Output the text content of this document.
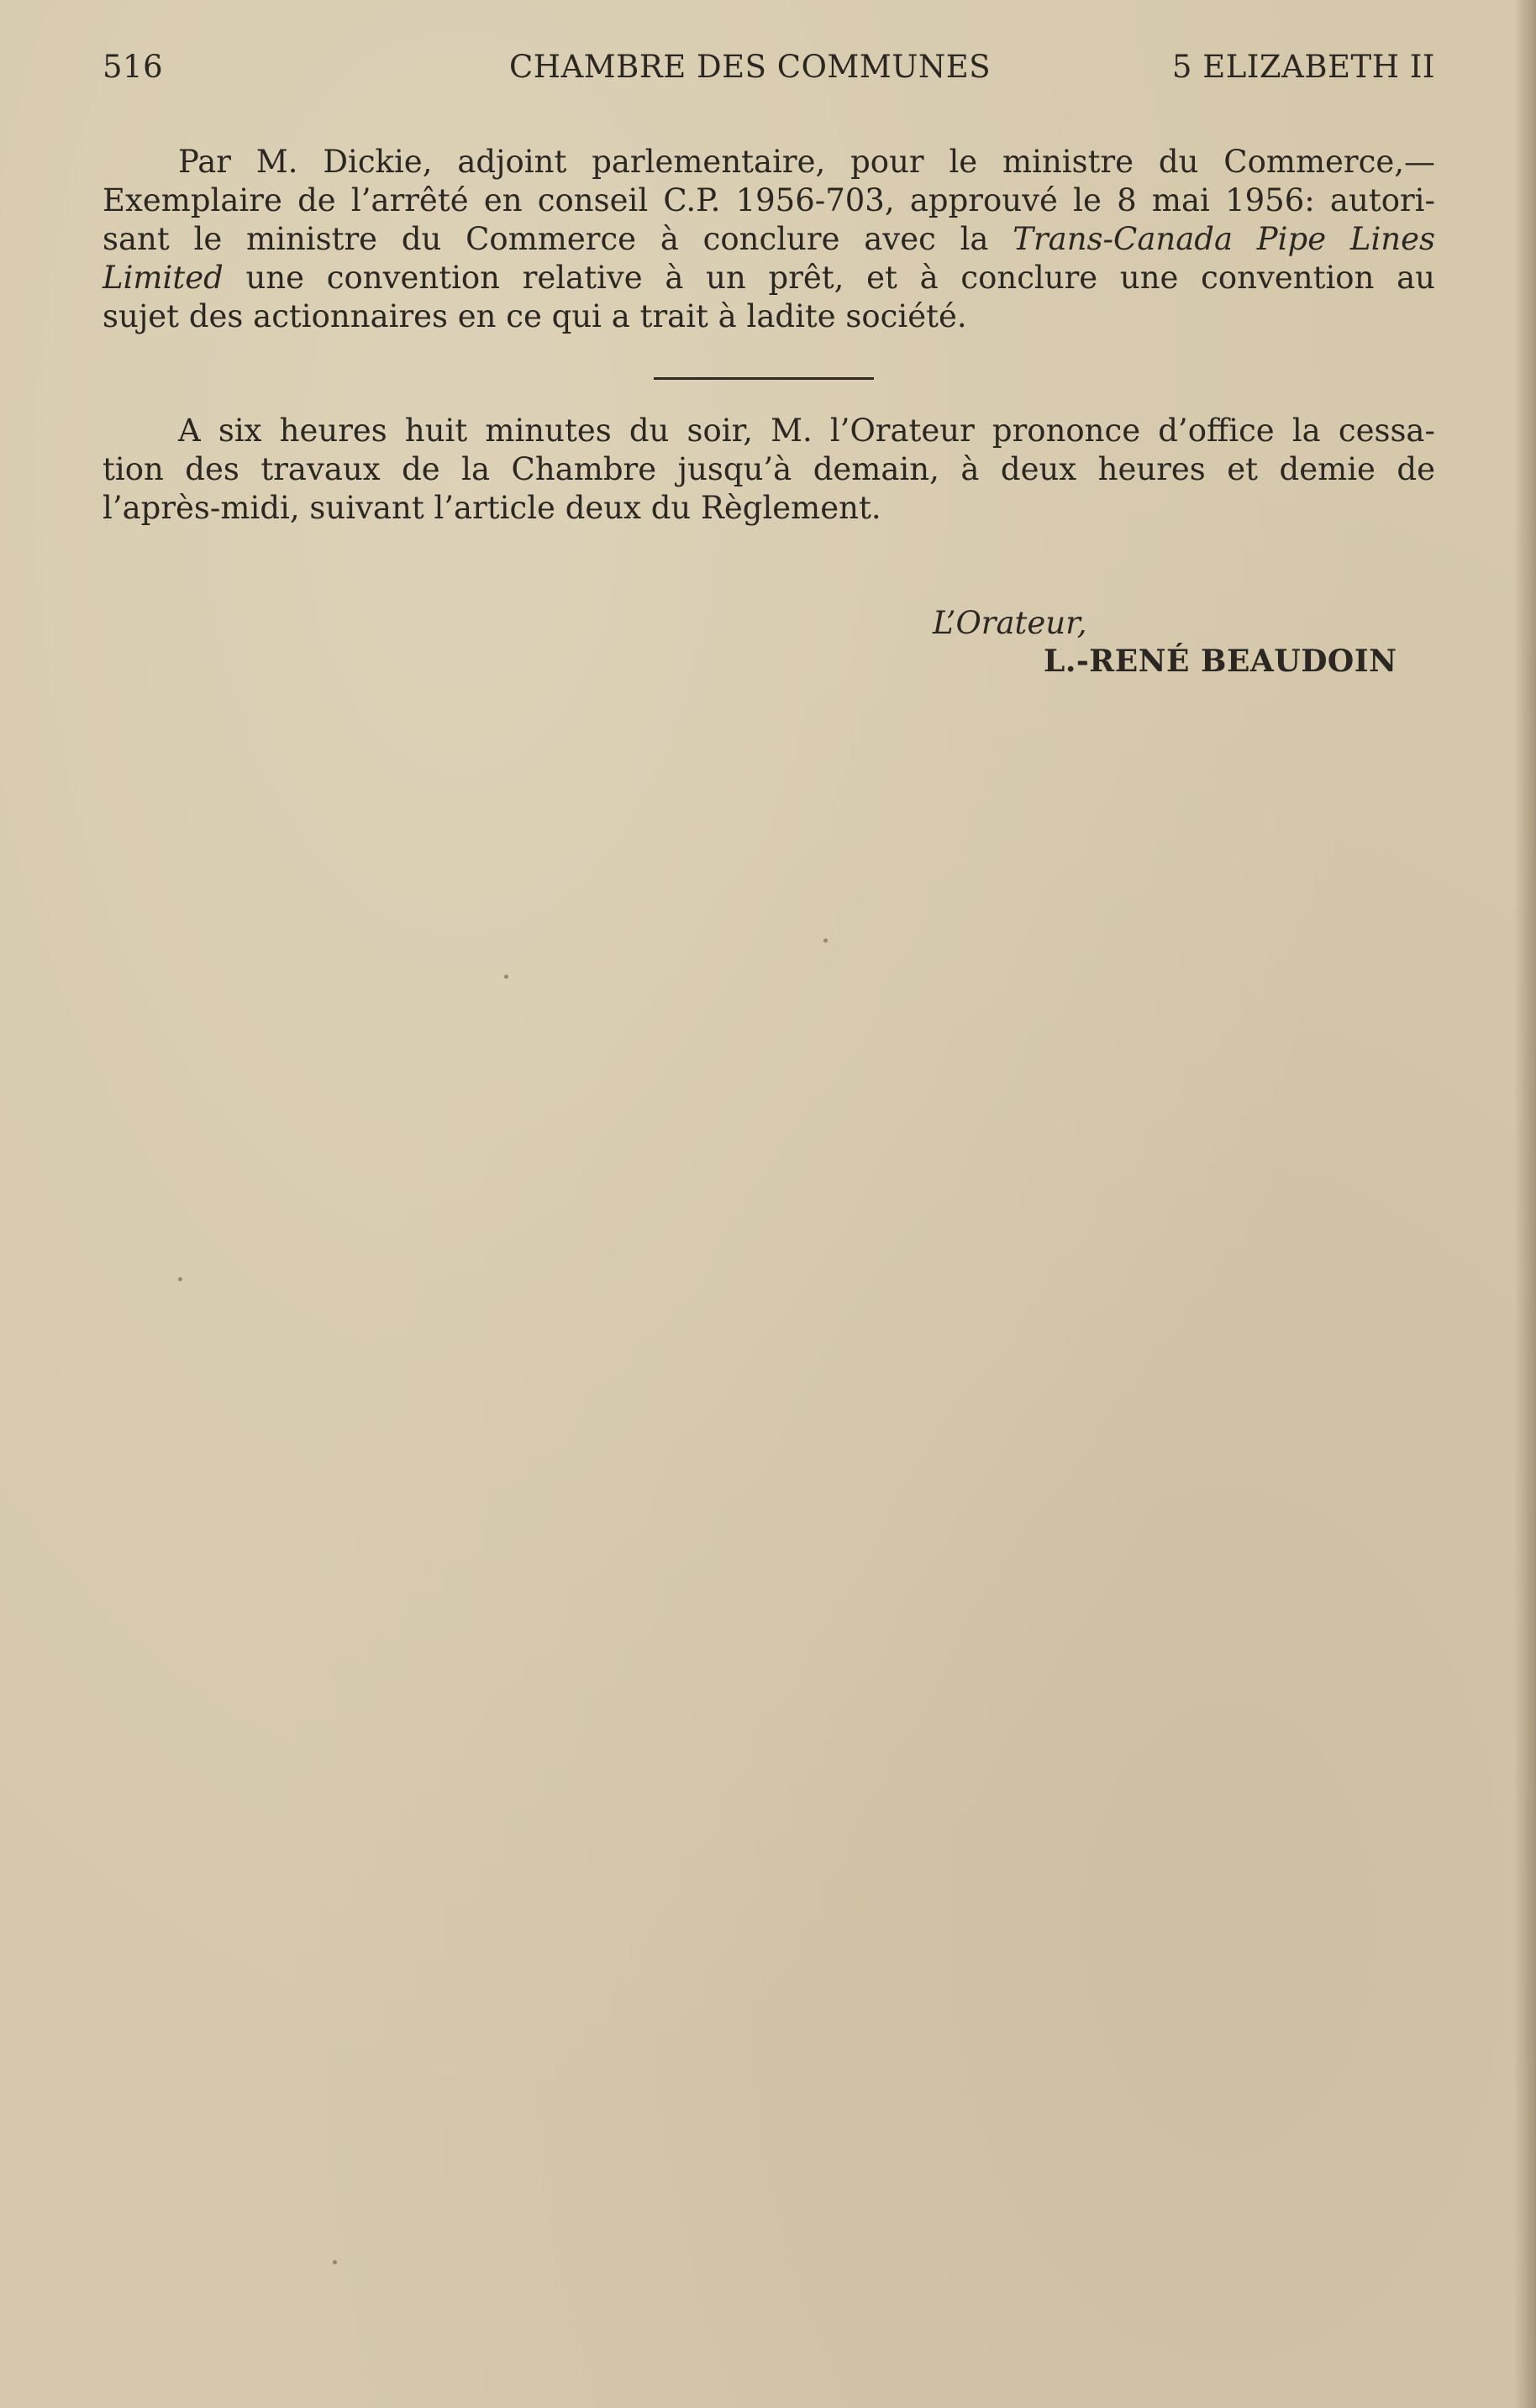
516	CHAMBRE DES COMMUNES	5 ELIZABETH II
Par M. Dickie, adjoint parlementaire, pour le ministre du Commerce,—
Exemplaire de l’arrêté en conseil C.P. 1956-703, approuvé le 8 mai 1956: autori-
sant le ministre du Commerce à conclure avec la Trans-Canada Pipe Lines
Limited une convention relative à un prêt, et à conclure une convention au
sujet des actionnaires en ce qui a trait à ladite société.
A six heures huit minutes du soir, M. l’Orateur prononce d’office la cessa-
tion des travaux de la Chambre jusqu’à demain, à deux heures et demie de
l’après-midi, suivant l’article deux du Règlement.
L’Orateur,
L.-RENÉ BEAUDOIN
